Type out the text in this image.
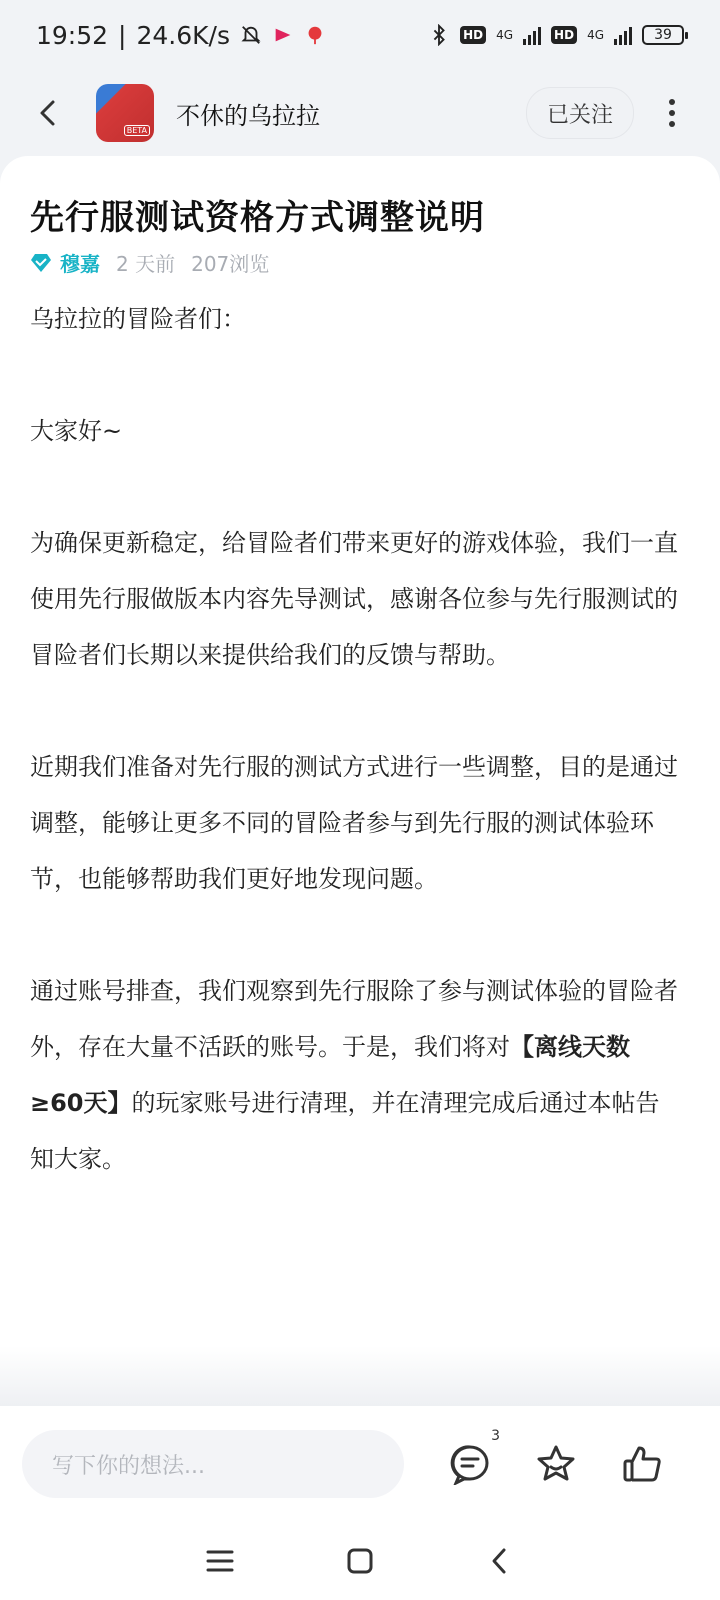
19:52 | 24.6K/s	HD 4G	HD 4G	39
BETA
不休的乌拉拉	已关注
先行服测试资格方式调整说明
穆嘉 2 天前 207浏览

乌拉拉的冒险者们：

大家好~

为确保更新稳定，给冒险者们带来更好的游戏体验，我们一直使用先行服做版本内容先导测试，感谢各位参与先行服测试的冒险者们长期以来提供给我们的反馈与帮助。

近期我们准备对先行服的测试方式进行一些调整，目的是通过调整，能够让更多不同的冒险者参与到先行服的测试体验环节，也能够帮助我们更好地发现问题。

通过账号排查，我们观察到先行服除了参与测试体验的冒险者外，存在大量不活跃的账号。于是，我们将对【离线天数≥60天】的玩家账号进行清理，并在清理完成后通过本帖告知大家。

写下你的想法...
3
